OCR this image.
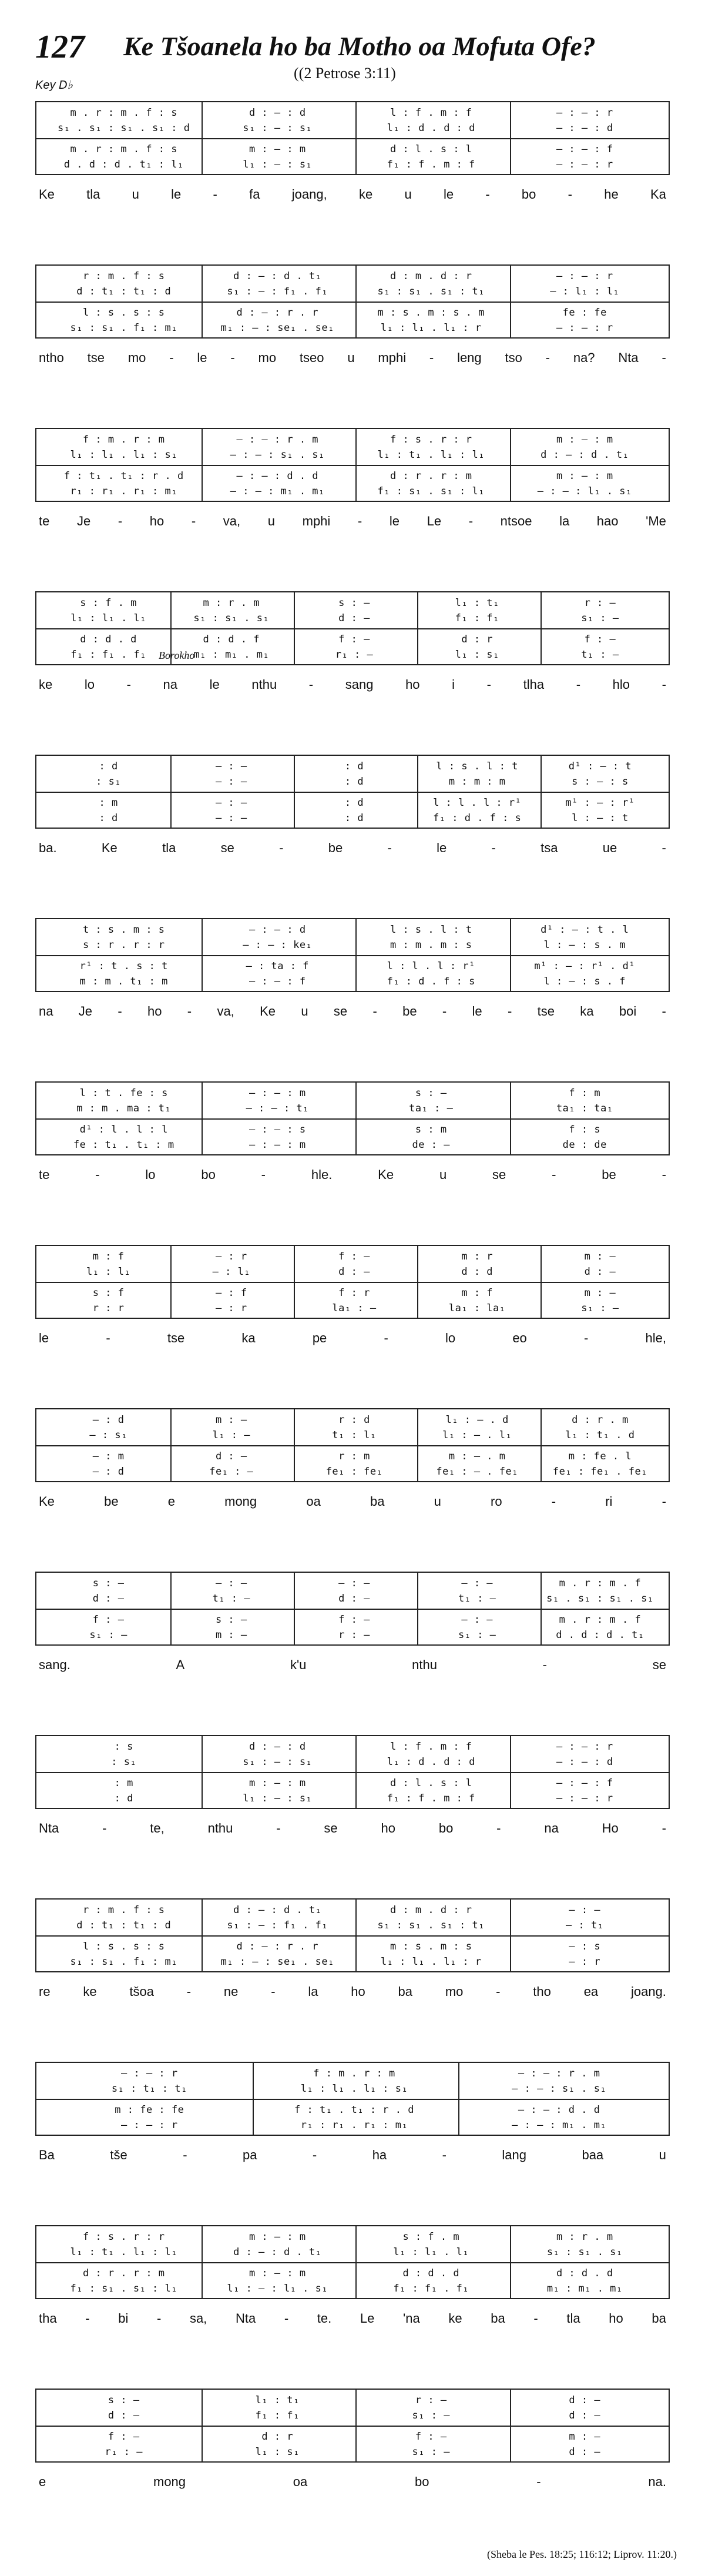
127 Ke Tšoanela ho ba Motho oa Mofuta Ofe?
((2 Petrose 3:11)
Key D♭
Borokho
m . r : m . f : s	d : — : d	l : f . m : f	— : — : r
s₁ . s₁ : s₁ . s₁ : d	s₁ : — : s₁	l₁ : d . d : d	— : — : d
m . r : m . f : s	m : — : m	d : l . s : l	— : — : f
d . d : d . t₁ : l₁	l₁ : — : s₁	f₁ : f . m : f	— : — : r
Ke tla u le - fa joang, ke u le - bo - he Ka
r : m . f : s	d : — : d . t₁	d : m . d : r	— : — : r
d : t₁ : t₁ : d	s₁ : — : f₁ . f₁	s₁ : s₁ . s₁ : t₁	— : l₁ : l₁
l : s . s : s	d : — : r . r	m : s . m : s . m	fe : fe
s₁ : s₁ . f₁ : m₁	m₁ : — : se₁ . se₁	l₁ : l₁ . l₁ : r	— : — : r
ntho tse mo - le - mo tseo u mphi - leng tso - na? Nta -
f : m . r : m	— : — : r . m	f : s . r : r	m : — : m
l₁ : l₁ . l₁ : s₁	— : — : s₁ . s₁	l₁ : t₁ . l₁ : l₁	d : — : d . t₁
f : t₁ . t₁ : r . d	— : — : d . d	d : r . r : m	m : — : m
r₁ : r₁ . r₁ : m₁	— : — : m₁ . m₁	f₁ : s₁ . s₁ : l₁	— : — : l₁ . s₁
te Je - ho - va, u mphi - le Le - ntsoe la hao 'Me
s : f . m	m : r . m	s : —	l₁ : t₁	r : —
l₁ : l₁ . l₁	s₁ : s₁ . s₁	d : —	f₁ : f₁	s₁ : —
d : d . d	d : d . f	f : —	d : r	f : —
f₁ : f₁ . f₁	m₁ : m₁ . m₁	r₁ : —	l₁ : s₁	t₁ : —
ke lo - na le nthu - sang ho i - tlha - hlo -
: d	— : —	: d	l : s . l : t	d¹ : — : t
: s₁	— : —	: d	m : m : m	s : — : s
: m	— : —	: d	l : l . l : r¹	m¹ : — : r¹
: d	— : —	: d	f₁ : d . f : s	l : — : t
ba.	Ke	tla	se	-	be	-	le	-	tsa	ue	-
t : s . m : s	— : — : d	l : s . l : t	d¹ : — : t . l
s : r . r : r	— : — : ke₁	m : m . m : s	l : — : s . m
r¹ : t . s : t	— : ta : f	l : l . l : r¹	m¹ : — : r¹ . d¹
m : m . t₁ : m	— : — : f	f₁ : d . f : s	l : — : s . f
na Je - ho - va, Ke u se - be - le - tse ka boi -
l : t . fe : s	— : — : m	s : —	f : m
m : m . ma : t₁	— : — : t₁	ta₁ : —	ta₁ : ta₁
d¹ : l . l : l	— : — : s	s : m	f : s
fe : t₁ . t₁ : m	— : — : m	de : —	de : de
te	-	lo	bo	-	hle.	Ke	u	se	-	be	-
m : f	— : r	f : —	m : r	m : —
l₁ : l₁	— : l₁	d : —	d : d	d : —
s : f	— : f	f : r	m : f	m : —
r : r	— : r	la₁ : —	la₁ : la₁	s₁ : —
le	-	tse	ka	pe	-	lo	eo	-	hle,
— : d	m : —	r : d	l₁ : — . d	d : r . m
— : s₁	l₁ : —	t₁ : l₁	l₁ : — . l₁	l₁ : t₁ . d
— : m	d : —	r : m	m : — . m	m : fe . l
— : d	fe₁ : —	fe₁ : fe₁	fe₁ : — . fe₁	fe₁ : fe₁ . fe₁
Ke	be	e	mong	oa	ba	u	ro	-	ri	-
s : —	— : —	— : —	— : —	m . r : m . f
d : —	t₁ : —	d : —	t₁ : —	s₁ . s₁ : s₁ . s₁
f : —	s : —	f : —	— : —	m . r : m . f
s₁ : —	m : —	r : —	s₁ : —	d . d : d . t₁
sang.	A	k'u	nthu	-	se
: s	d : — : d	l : f . m : f	— : — : r
: s₁	s₁ : — : s₁	l₁ : d . d : d	— : — : d
: m	m : — : m	d : l . s : l	— : — : f
: d	l₁ : — : s₁	f₁ : f . m : f	— : — : r
Nta	-	te,	nthu	-	se	ho	bo	-	na	Ho	-
r : m . f : s	d : — : d . t₁	d : m . d : r	— : —
d : t₁ : t₁ : d	s₁ : — : f₁ . f₁	s₁ : s₁ . s₁ : t₁	— : t₁
l : s . s : s	d : — : r . r	m : s . m : s	— : s
s₁ : s₁ . f₁ : m₁	m₁ : — : se₁ . se₁	l₁ : l₁ . l₁ : r	— : r
re	ke	tšoa	-	ne	-	la	ho	ba	mo	-	tho	ea	joang.
— : — : r	f : m . r : m	— : — : r . m
s₁ : t₁ : t₁	l₁ : l₁ . l₁ : s₁	— : — : s₁ . s₁
m : fe : fe	f : t₁ . t₁ : r . d	— : — : d . d
— : — : r	r₁ : r₁ . r₁ : m₁	— : — : m₁ . m₁
Ba	tše	-	pa	-	ha	-	lang	baa	u
f : s . r : r	m : — : m	s : f . m	m : r . m
l₁ : t₁ . l₁ : l₁	d : — : d . t₁	l₁ : l₁ . l₁	s₁ : s₁ . s₁
d : r . r : m	m : — : m	d : d . d	d : d . d
f₁ : s₁ . s₁ : l₁	l₁ : — : l₁ . s₁	f₁ : f₁ . f₁	m₁ : m₁ . m₁
tha - bi - sa, Nta - te. Le 'na ke ba - tla ho ba
s : —	l₁ : t₁	r : —	d : —
d : —	f₁ : f₁	s₁ : —	d : —
f : —	d : r	f : —	m : —
r₁ : —	l₁ : s₁	s₁ : —	d : —
e	mong	oa	bo	-	na.
(Sheba le Pes. 18:25; 116:12; Liprov. 11:20.)
